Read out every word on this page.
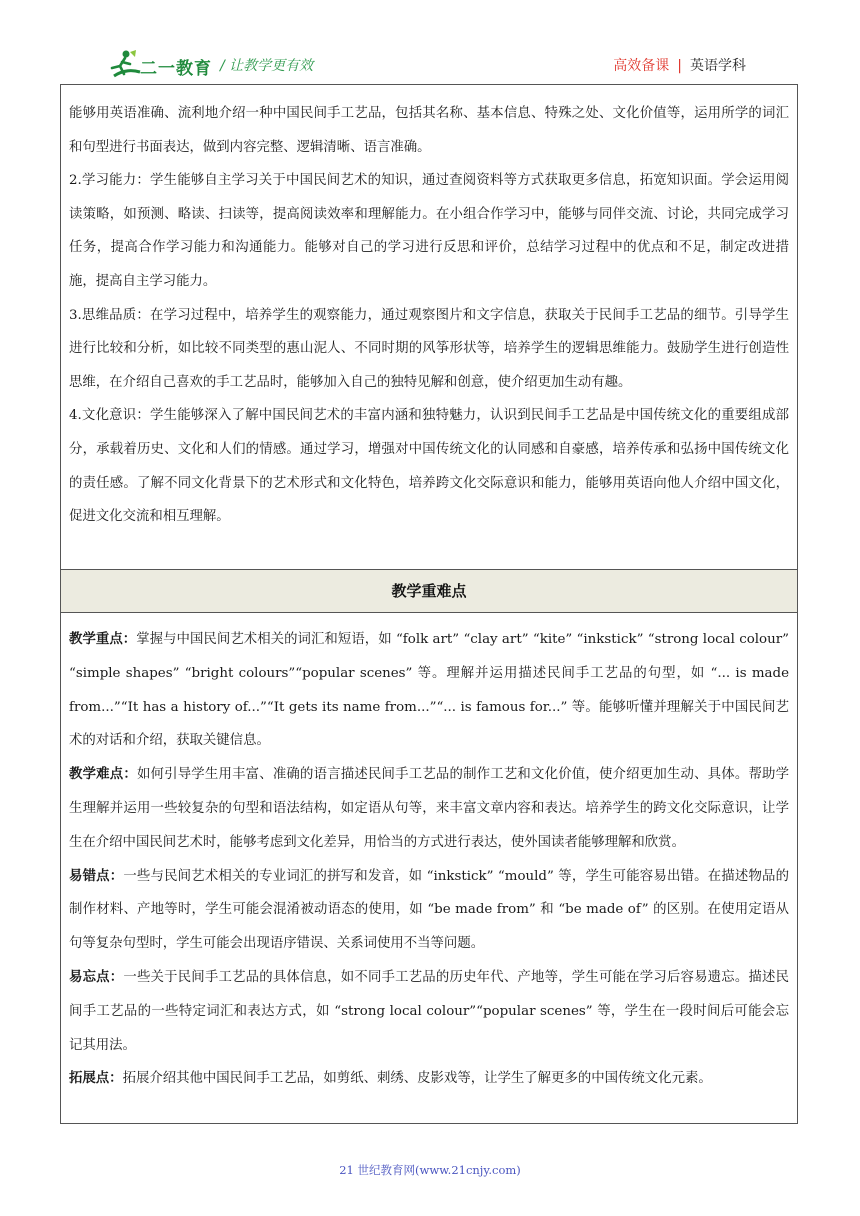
二一教育 / 让教学更有效	高效备课 | 英语学科

能够用英语准确、流利地介绍一种中国民间手工艺品，包括其名称、基本信息、特殊之处、文化价值等，运用所学的词汇和句型进行书面表达，做到内容完整、逻辑清晰、语言准确。

2.学习能力：学生能够自主学习关于中国民间艺术的知识，通过查阅资料等方式获取更多信息，拓宽知识面。学会运用阅读策略，如预测、略读、扫读等，提高阅读效率和理解能力。在小组合作学习中，能够与同伴交流、讨论，共同完成学习任务，提高合作学习能力和沟通能力。能够对自己的学习进行反思和评价，总结学习过程中的优点和不足，制定改进措施，提高自主学习能力。

3.思维品质：在学习过程中，培养学生的观察能力，通过观察图片和文字信息，获取关于民间手工艺品的细节。引导学生进行比较和分析，如比较不同类型的惠山泥人、不同时期的风筝形状等，培养学生的逻辑思维能力。鼓励学生进行创造性思维，在介绍自己喜欢的手工艺品时，能够加入自己的独特见解和创意，使介绍更加生动有趣。

4.文化意识：学生能够深入了解中国民间艺术的丰富内涵和独特魅力，认识到民间手工艺品是中国传统文化的重要组成部分，承载着历史、文化和人们的情感。通过学习，增强对中国传统文化的认同感和自豪感，培养传承和弘扬中国传统文化的责任感。了解不同文化背景下的艺术形式和文化特色，培养跨文化交际意识和能力，能够用英语向他人介绍中国文化，促进文化交流和相互理解。

教学重难点

教学重点：掌握与中国民间艺术相关的词汇和短语，如 “folk art” “clay art” “kite” “inkstick” “strong local colour” “simple shapes” “bright colours”“popular scenes” 等。理解并运用描述民间手工艺品的句型，如 “... is made from...”“It has a history of...”“It gets its name from...”“... is famous for...” 等。能够听懂并理解关于中国民间艺术的对话和介绍，获取关键信息。

教学难点：如何引导学生用丰富、准确的语言描述民间手工艺品的制作工艺和文化价值，使介绍更加生动、具体。帮助学生理解并运用一些较复杂的句型和语法结构，如定语从句等，来丰富文章内容和表达。培养学生的跨文化交际意识，让学生在介绍中国民间艺术时，能够考虑到文化差异，用恰当的方式进行表达，使外国读者能够理解和欣赏。

易错点：一些与民间艺术相关的专业词汇的拼写和发音，如 “inkstick” “mould” 等，学生可能容易出错。在描述物品的制作材料、产地等时，学生可能会混淆被动语态的使用，如 “be made from” 和 “be made of” 的区别。在使用定语从句等复杂句型时，学生可能会出现语序错误、关系词使用不当等问题。

易忘点：一些关于民间手工艺品的具体信息，如不同手工艺品的历史年代、产地等，学生可能在学习后容易遗忘。描述民间手工艺品的一些特定词汇和表达方式，如 “strong local colour”“popular scenes” 等，学生在一段时间后可能会忘记其用法。

拓展点：拓展介绍其他中国民间手工艺品，如剪纸、刺绣、皮影戏等，让学生了解更多的中国传统文化元素。

21 世纪教育网(www.21cnjy.com)
